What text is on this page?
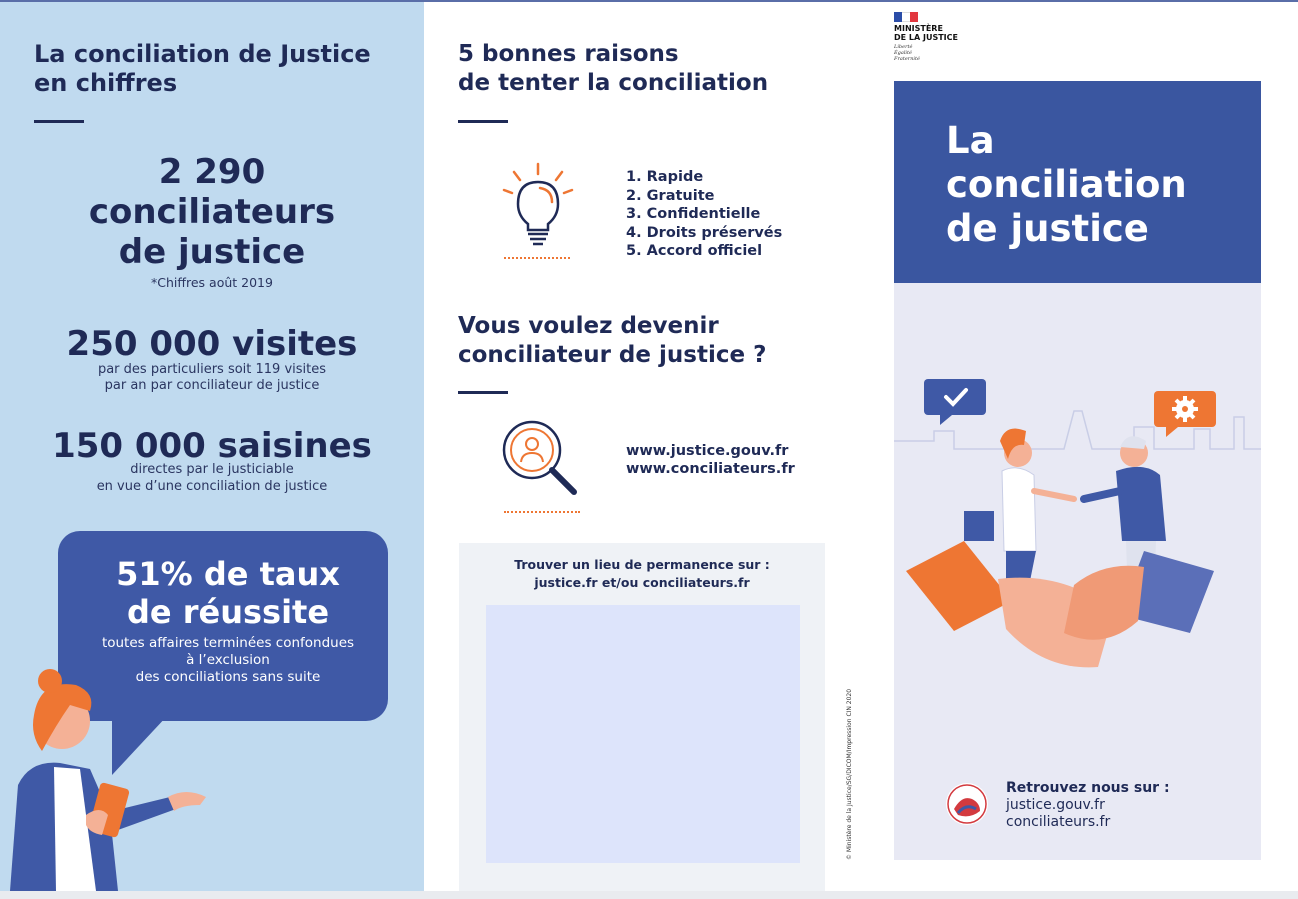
La conciliation de Justice en chiffres
2 290 conciliateurs de justice
*Chiffres août 2019
250 000 visites
par des particuliers soit 119 visites
par an par conciliateur de justice
150 000 saisines
directes par le justiciable
en vue d’une conciliation de justice
51% de taux
de réussite
toutes affaires terminées confondues
à l’exclusion
des conciliations sans suite
5 bonnes raisons
de tenter la conciliation
1. Rapide
2. Gratuite
3. Confidentielle
4. Droits préservés
5. Accord officiel
Vous voulez devenir
conciliateur de justice ?
www.justice.gouv.fr
www.conciliateurs.fr
Trouver un lieu de permanence sur :
justice.fr et/ou conciliateurs.fr
© Ministère de la Justice/SG/DICOM/Impression CIN 2020
MINISTÈRE
DE LA JUSTICE
Liberté
Égalité
Fraternité
La
conciliation
de justice
Retrouvez nous sur :
justice.gouv.fr
conciliateurs.fr
